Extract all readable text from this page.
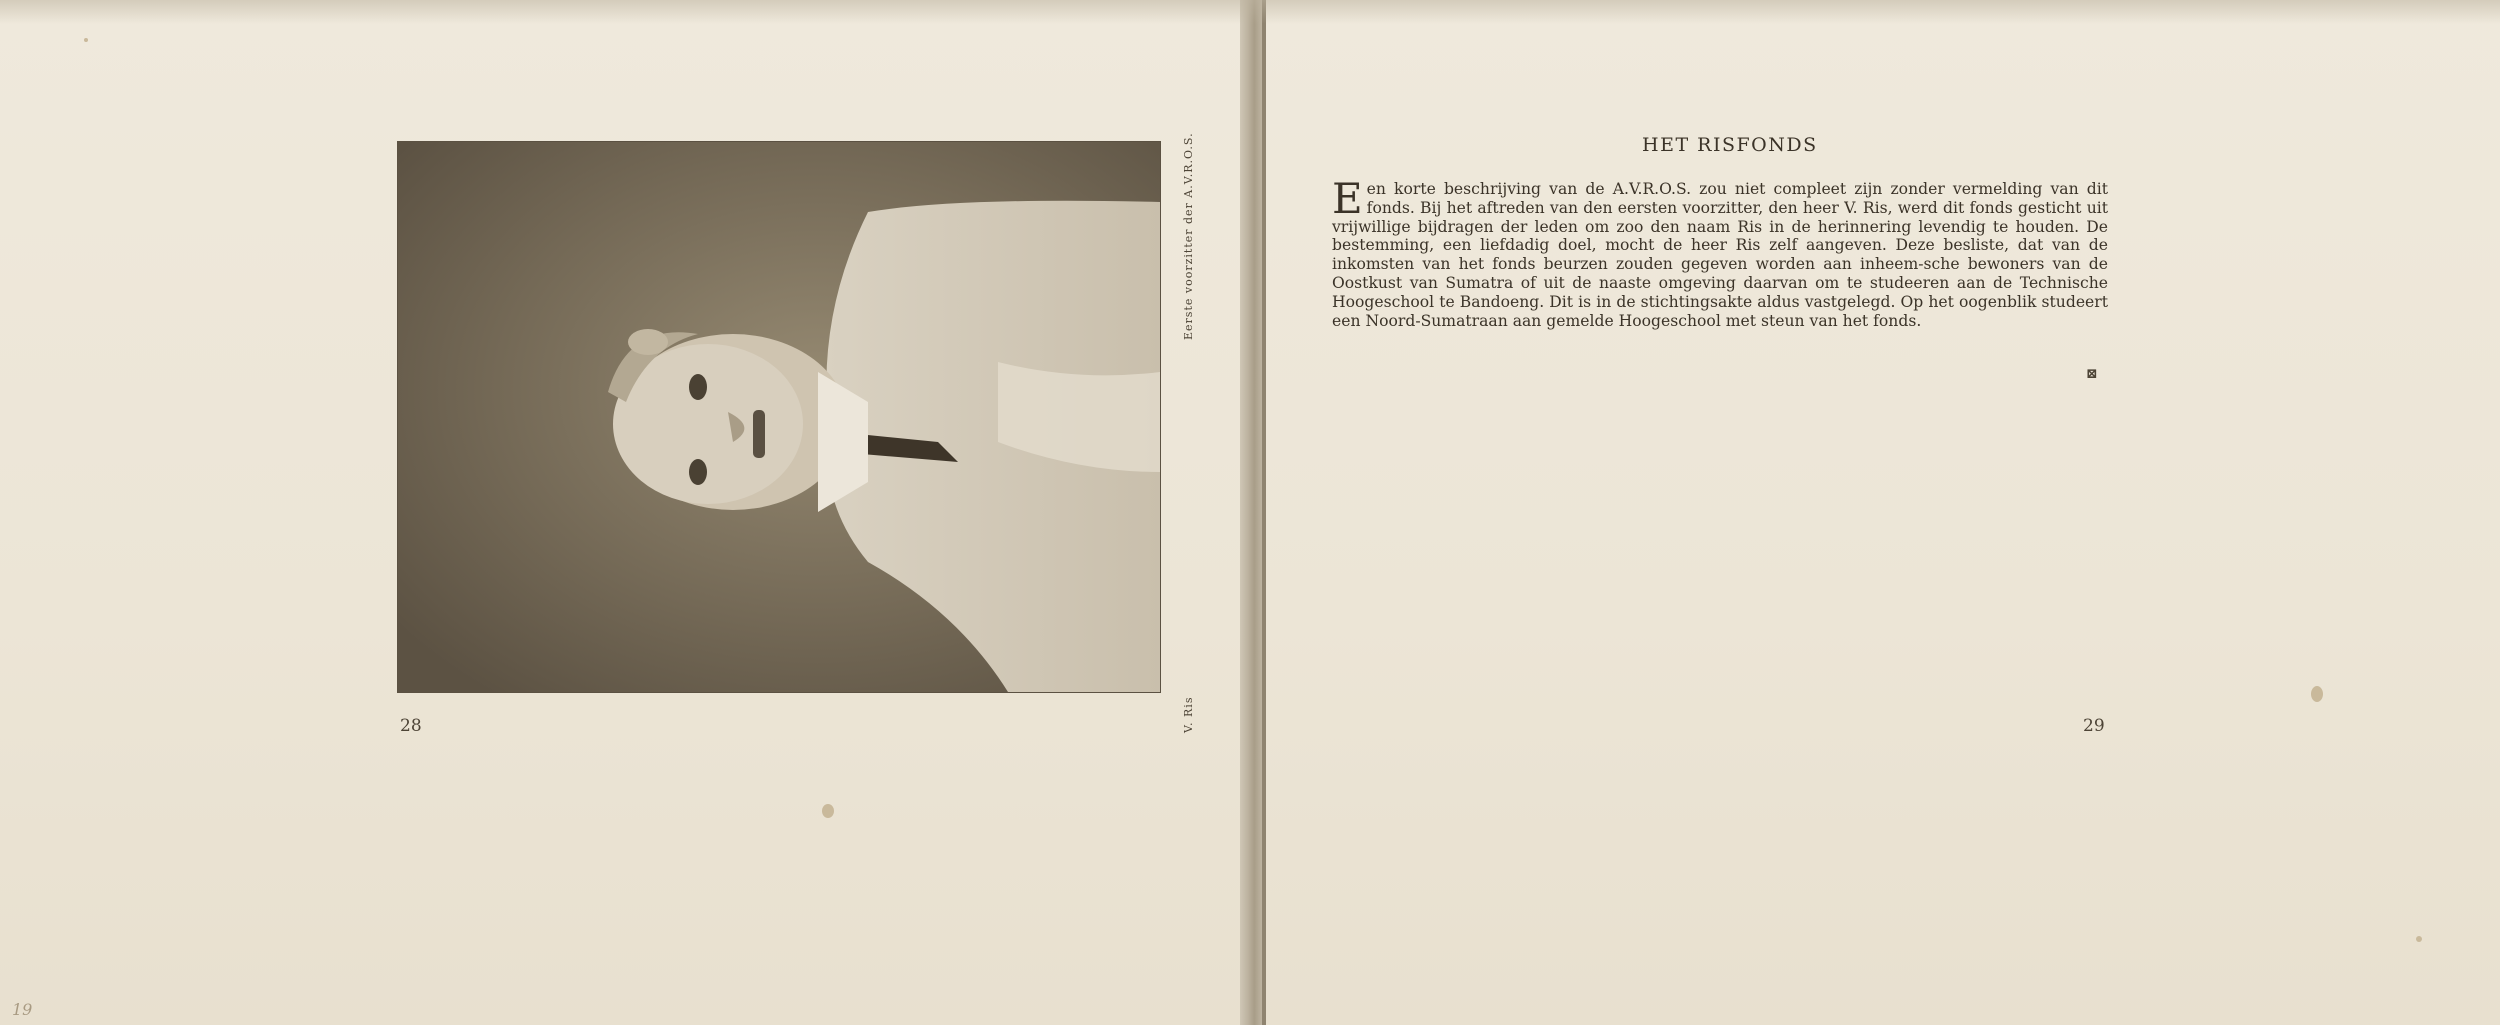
Eerste voorzitter der A.V.R.O.S.
V. Ris
28
19
HET RISFONDS
Een korte beschrijving van de A.V.R.O.S. zou niet compleet zijn zonder vermelding van dit fonds. Bij het aftreden van den eersten voorzitter, den heer V. Ris, werd dit fonds gesticht uit vrijwillige bijdragen der leden om zoo den naam Ris in de herinnering levendig te houden. De bestemming, een liefdadig doel, mocht de heer Ris zelf aangeven. Deze besliste, dat van de inkomsten van het fonds beurzen zouden gegeven worden aan inheem-sche bewoners van de Oostkust van Sumatra of uit de naaste omgeving daarvan om te studeeren aan de Technische Hoogeschool te Bandoeng. Dit is in de stichtingsakte aldus vastgelegd. Op het oogenblik studeert een Noord-Sumatraan aan gemelde Hoogeschool met steun van het fonds.
⊠
29
